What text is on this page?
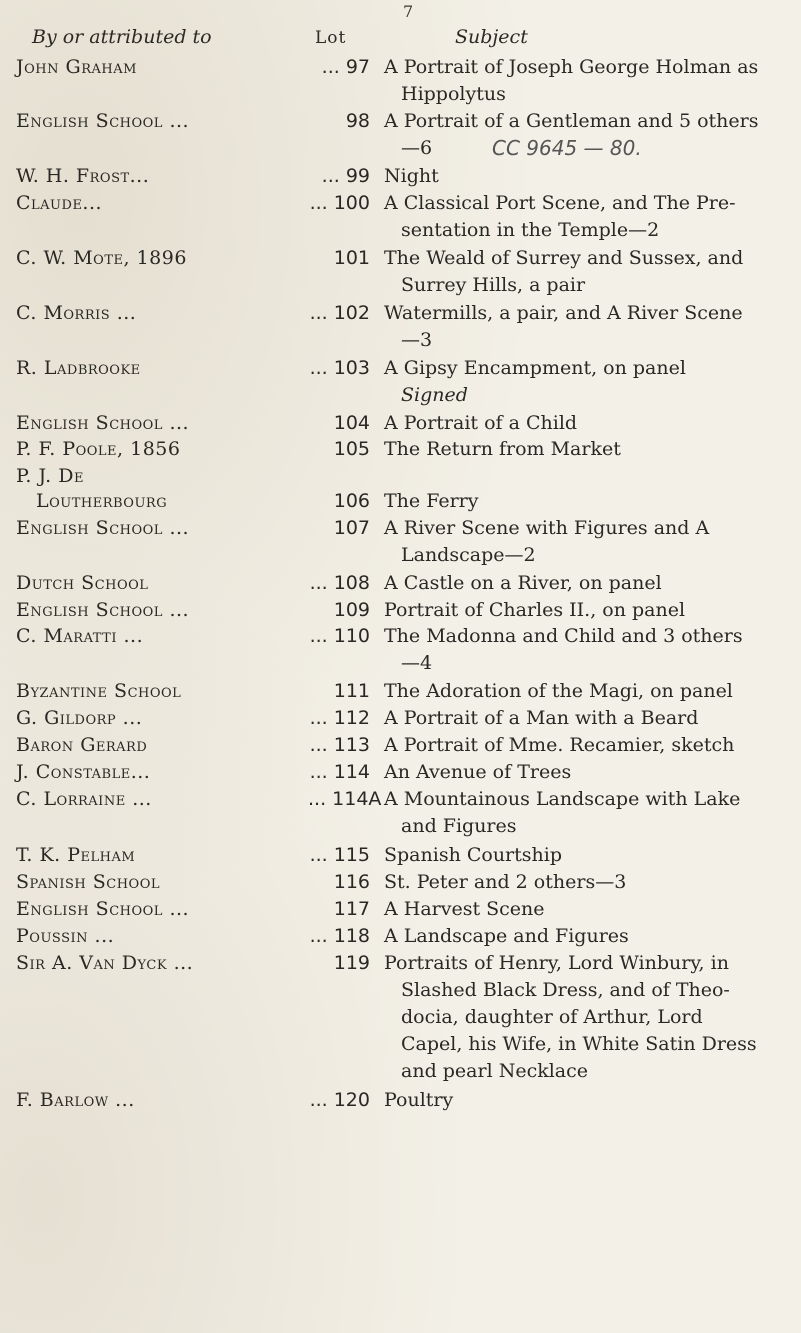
7
By or attributed to	Lot	Subject
John Graham	... 97 A Portrait of Joseph George Holman as
Hippolytus
English School ...	98 A Portrait of a Gentleman and 5 others
—6	CC 9645 — 80.
W. H. Frost...	... 99 Night
Claude...	... 100 A Classical Port Scene, and The Pre-
sentation in the Temple—2
C. W. Mote, 1896	101 The Weald of Surrey and Sussex, and
Surrey Hills, a pair
C. Morris ...	... 102 Watermills, a pair, and A River Scene
—3
R. Ladbrooke	... 103 A Gipsy Encampment, on panel
Signed
English School ...	104 A Portrait of a Child
P. F. Poole, 1856	105 The Return from Market
P. J. De
Loutherbourg	106 The Ferry
English School ...	107 A River Scene with Figures and A
Landscape—2
Dutch School	... 108 A Castle on a River, on panel
English School ...	109 Portrait of Charles II., on panel
C. Maratti ...	... 110 The Madonna and Child and 3 others
—4
Byzantine School	111 The Adoration of the Magi, on panel
G. Gildorp ...	... 112 A Portrait of a Man with a Beard
Baron Gerard	... 113 A Portrait of Mme. Recamier, sketch
J. Constable...	... 114 An Avenue of Trees
C. Lorraine ...	... 114A A Mountainous Landscape with Lake
and Figures
T. K. Pelham	... 115 Spanish Courtship
Spanish School	116 St. Peter and 2 others—3
English School ...	117 A Harvest Scene
Poussin ...	... 118 A Landscape and Figures
Sir A. Van Dyck ...	119 Portraits of Henry, Lord Winbury, in
Slashed Black Dress, and of Theo-
docia, daughter of Arthur, Lord
Capel, his Wife, in White Satin Dress
and pearl Necklace
F. Barlow ...	... 120 Poultry
